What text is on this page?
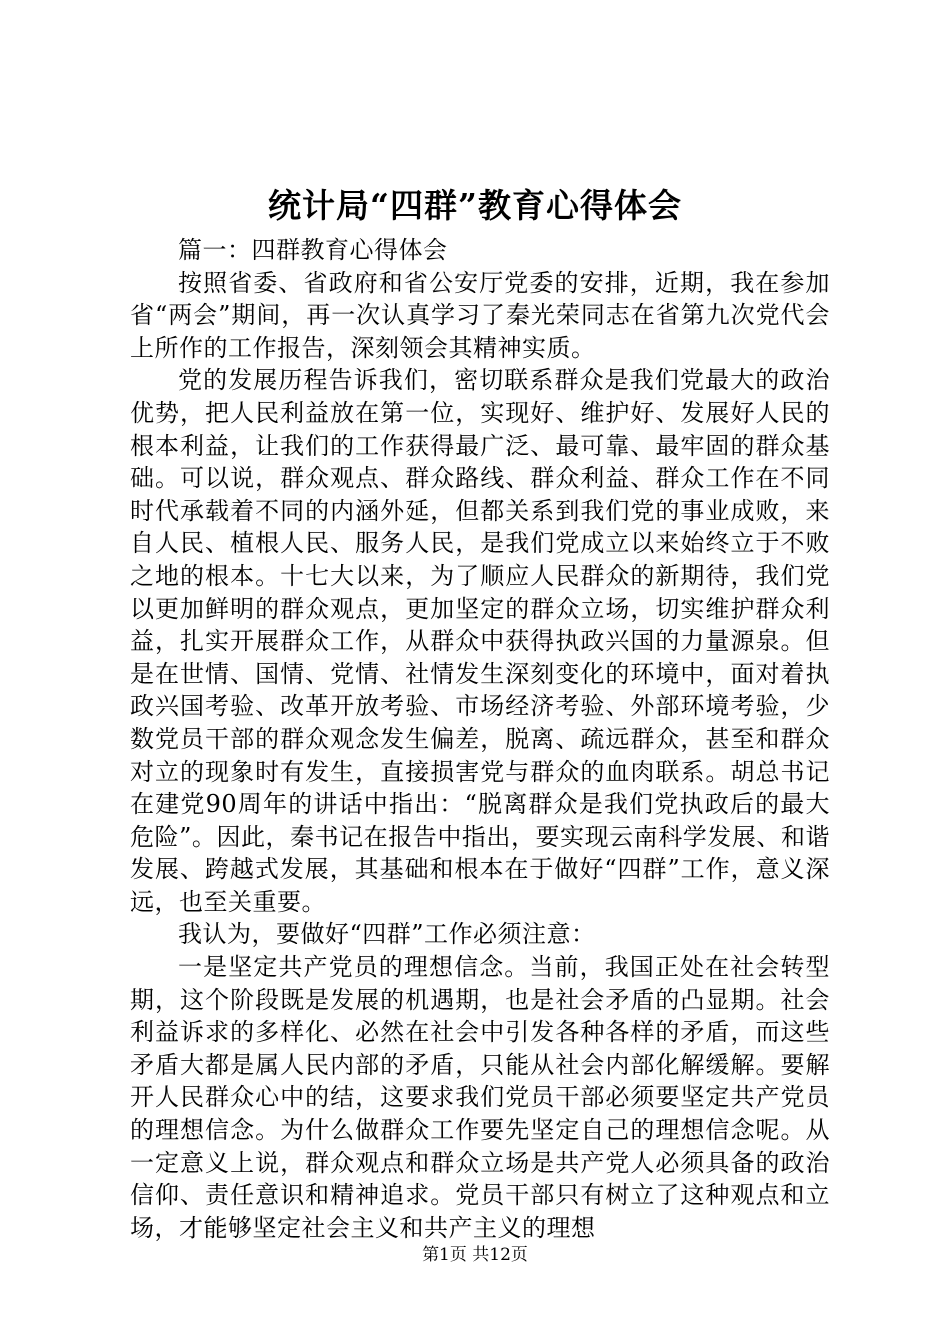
统计局“四群”教育心得体会

篇一：四群教育心得体会

按照省委、省政府和省公安厅党委的安排，近期，我在参加省“两会”期间，再一次认真学习了秦光荣同志在省第九次党代会上所作的工作报告，深刻领会其精神实质。

党的发展历程告诉我们，密切联系群众是我们党最大的政治优势，把人民利益放在第一位，实现好、维护好、发展好人民的根本利益，让我们的工作获得最广泛、最可靠、最牢固的群众基础。可以说，群众观点、群众路线、群众利益、群众工作在不同时代承载着不同的内涵外延，但都关系到我们党的事业成败，来自人民、植根人民、服务人民，是我们党成立以来始终立于不败之地的根本。十七大以来，为了顺应人民群众的新期待，我们党以更加鲜明的群众观点，更加坚定的群众立场，切实维护群众利益，扎实开展群众工作，从群众中获得执政兴国的力量源泉。但是在世情、国情、党情、社情发生深刻变化的环境中，面对着执政兴国考验、改革开放考验、市场经济考验、外部环境考验，少数党员干部的群众观念发生偏差，脱离、疏远群众，甚至和群众对立的现象时有发生，直接损害党与群众的血肉联系。胡总书记在建党90周年的讲话中指出：“脱离群众是我们党执政后的最大危险”。因此，秦书记在报告中指出，要实现云南科学发展、和谐发展、跨越式发展，其基础和根本在于做好“四群”工作，意义深远，也至关重要。

我认为，要做好“四群”工作必须注意：

一是坚定共产党员的理想信念。当前，我国正处在社会转型期，这个阶段既是发展的机遇期，也是社会矛盾的凸显期。社会利益诉求的多样化、必然在社会中引发各种各样的矛盾，而这些矛盾大都是属人民内部的矛盾，只能从社会内部化解缓解。要解开人民群众心中的结，这要求我们党员干部必须要坚定共产党员的理想信念。为什么做群众工作要先坚定自己的理想信念呢。从一定意义上说，群众观点和群众立场是共产党人必须具备的政治信仰、责任意识和精神追求。党员干部只有树立了这种观点和立场，才能够坚定社会主义和共产主义的理想

第1页 共12页
